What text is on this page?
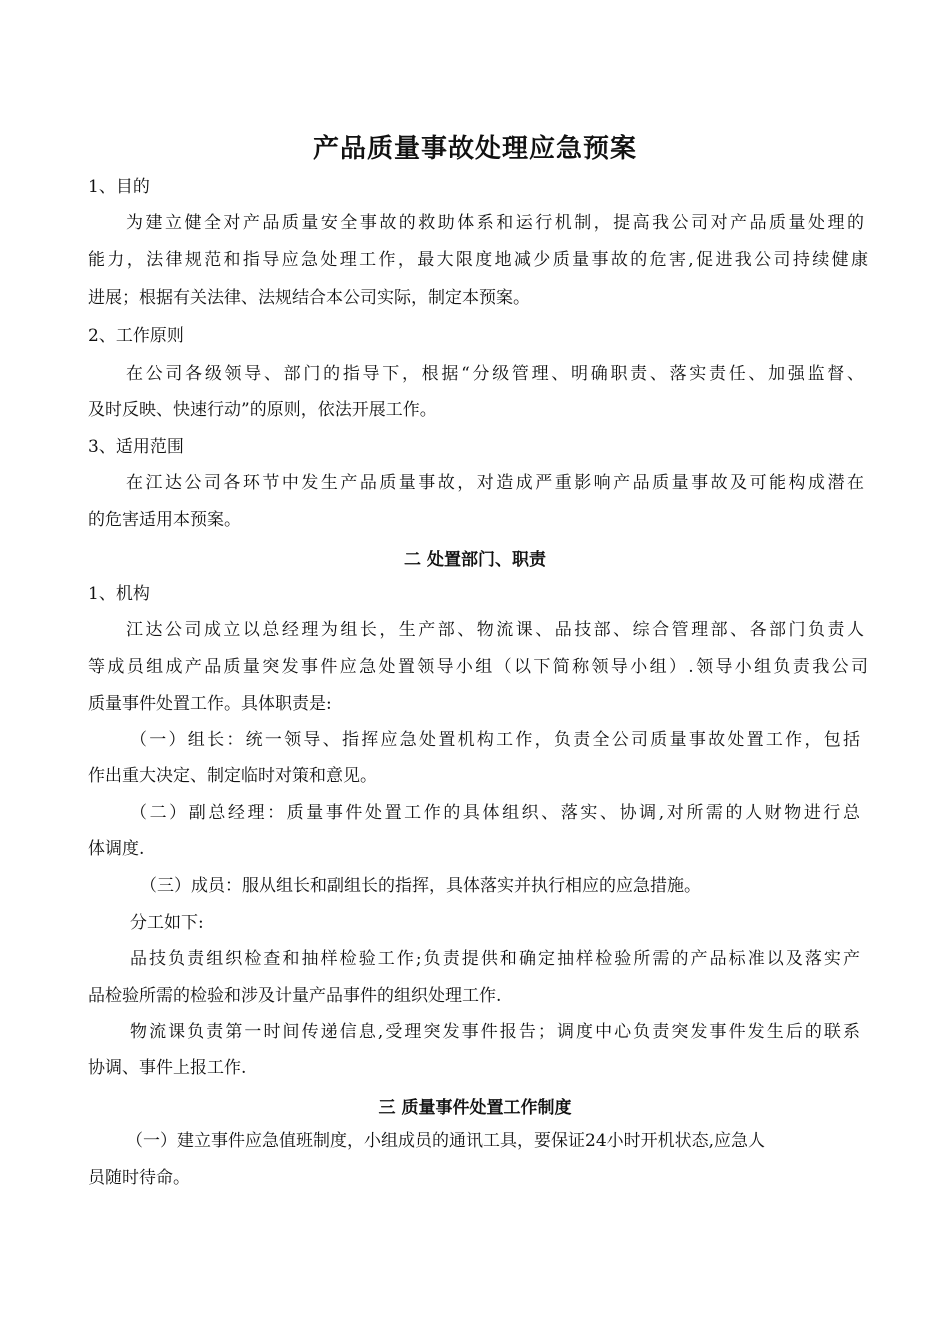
产品质量事故处理应急预案
1、目的
为建立健全对产品质量安全事故的救助体系和运行机制，提高我公司对产品质量处理的
能力，法律规范和指导应急处理工作，最大限度地减少质量事故的危害,促进我公司持续健康
进展；根据有关法律、法规结合本公司实际，制定本预案。
2、工作原则
在公司各级领导、部门的指导下，根据“分级管理、明确职责、落实责任、加强监督、
及时反映、快速行动”的原则，依法开展工作。
3、适用范围
在江达公司各环节中发生产品质量事故，对造成严重影响产品质量事故及可能构成潜在
的危害适用本预案。
二 处置部门、职责
1、机构
江达公司成立以总经理为组长，生产部、物流课、品技部、综合管理部、各部门负责人
等成员组成产品质量突发事件应急处置领导小组（以下简称领导小组）.领导小组负责我公司
质量事件处置工作。具体职责是:
（一）组长：统一领导、指挥应急处置机构工作，负责全公司质量事故处置工作，包括
作出重大决定、制定临时对策和意见。
（二）副总经理：质量事件处置工作的具体组织、落实、协调,对所需的人财物进行总
体调度.
（三）成员：服从组长和副组长的指挥，具体落实并执行相应的应急措施。
分工如下:
品技负责组织检查和抽样检验工作;负责提供和确定抽样检验所需的产品标准以及落实产
品检验所需的检验和涉及计量产品事件的组织处理工作.
物流课负责第一时间传递信息,受理突发事件报告；调度中心负责突发事件发生后的联系
协调、事件上报工作.
三 质量事件处置工作制度
（一）建立事件应急值班制度，小组成员的通讯工具，要保证24小时开机状态,应急人
员随时待命。
